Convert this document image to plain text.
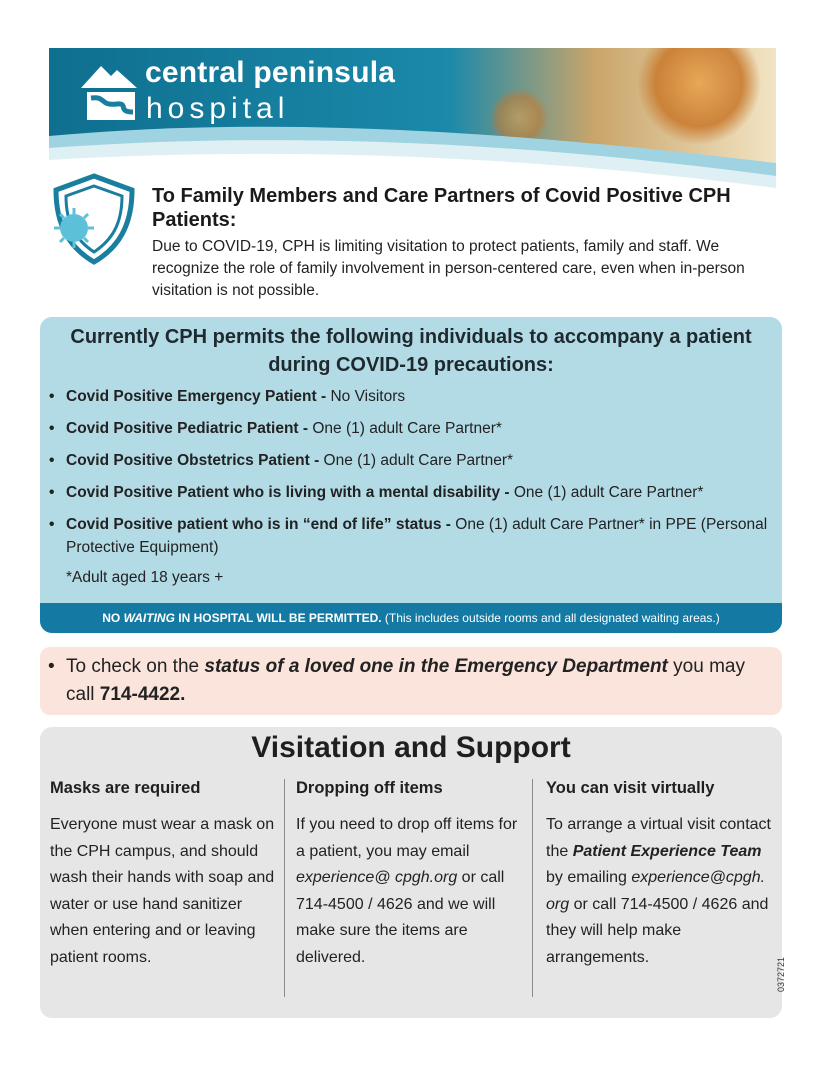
central peninsula
hospital
To Family Members and Care Partners of Covid Positive CPH Patients:

Due to COVID-19, CPH is limiting visitation to protect patients, family and staff. We recognize the role of family involvement in person-centered care, even when in-person visitation is not possible.

Currently CPH permits the following individuals to accompany a patient during COVID-19 precautions:
• Covid Positive Emergency Patient - No Visitors
• Covid Positive Pediatric Patient - One (1) adult Care Partner*
• Covid Positive Obstetrics Patient - One (1) adult Care Partner*
• Covid Positive Patient who is living with a mental disability - One (1) adult Care Partner*
• Covid Positive patient who is in “end of life” status - One (1) adult Care Partner* in PPE (Personal Protective Equipment)
*Adult aged 18 years +
NO WAITING IN HOSPITAL WILL BE PERMITTED. (This includes outside rooms and all designated waiting areas.)
• To check on the status of a loved one in the Emergency Department you may call 714-4422.

Visitation and Support
Masks are required

Everyone must wear a mask on the CPH campus, and should wash their hands with soap and water or use hand sanitizer when entering and or leaving patient rooms.

Dropping off items

If you need to drop off items for a patient, you may email experience@ cpgh.org or call 714-4500 / 4626 and we will make sure the items are delivered.

You can visit virtually

To arrange a virtual visit contact the Patient Experience Team by emailing experience@cpgh. org or call 714-4500 / 4626 and they will help make arrangements.	0372721
